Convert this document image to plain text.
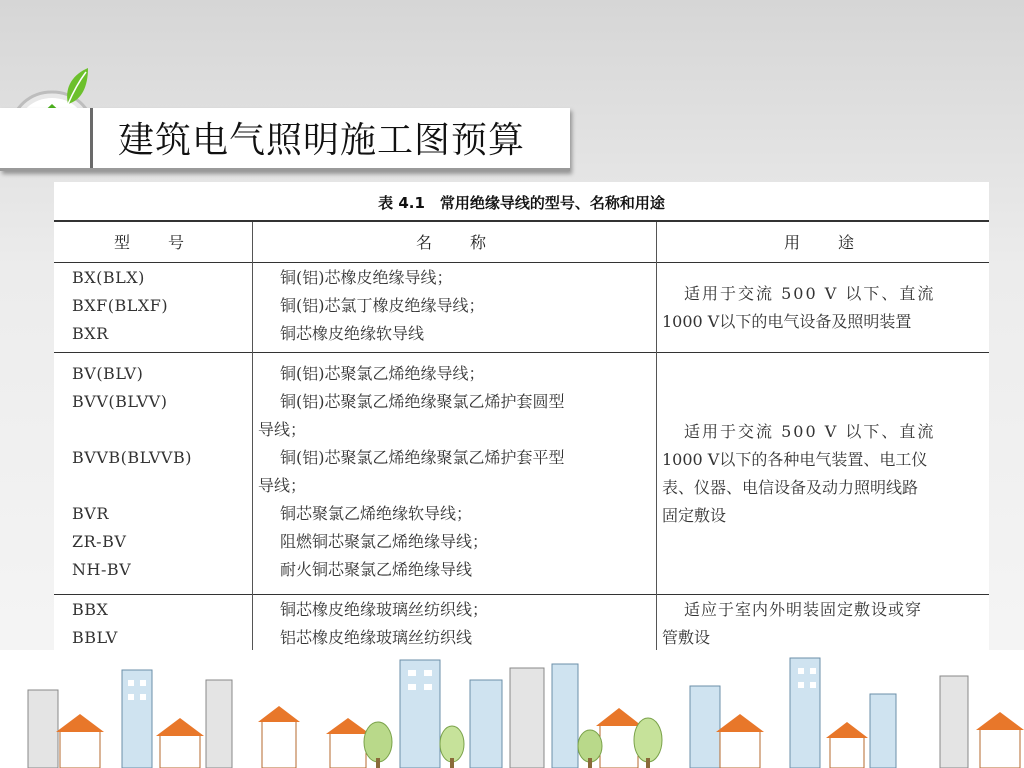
建筑电气照明施工图预算
表 4.1　常用绝缘导线的型号、名称和用途
型　　号	名　　称	用　　途
BX(BLX)
BXF(BLXF)
BXR
铜(铝)芯橡皮绝缘导线；
铜(铝)芯氯丁橡皮绝缘导线；
铜芯橡皮绝缘软导线
适用于交流 500 V 以下、直流
1000 V以下的电气设备及照明装置
BV(BLV)
BVV(BLVV)
BVVB(BLVVB)
BVR
ZR-BV
NH-BV
铜(铝)芯聚氯乙烯绝缘导线；
铜(铝)芯聚氯乙烯绝缘聚氯乙烯护套圆型
导线；
铜(铝)芯聚氯乙烯绝缘聚氯乙烯护套平型
导线；
铜芯聚氯乙烯绝缘软导线；
阻燃铜芯聚氯乙烯绝缘导线；
耐火铜芯聚氯乙烯绝缘导线
适用于交流 500 V 以下、直流
1000 V以下的各种电气装置、电工仪
表、仪器、电信设备及动力照明线路
固定敷设
BBX
BBLV
铜芯橡皮绝缘玻璃丝纺织线；
铝芯橡皮绝缘玻璃丝纺织线
适应于室内外明装固定敷设或穿
管敷设
